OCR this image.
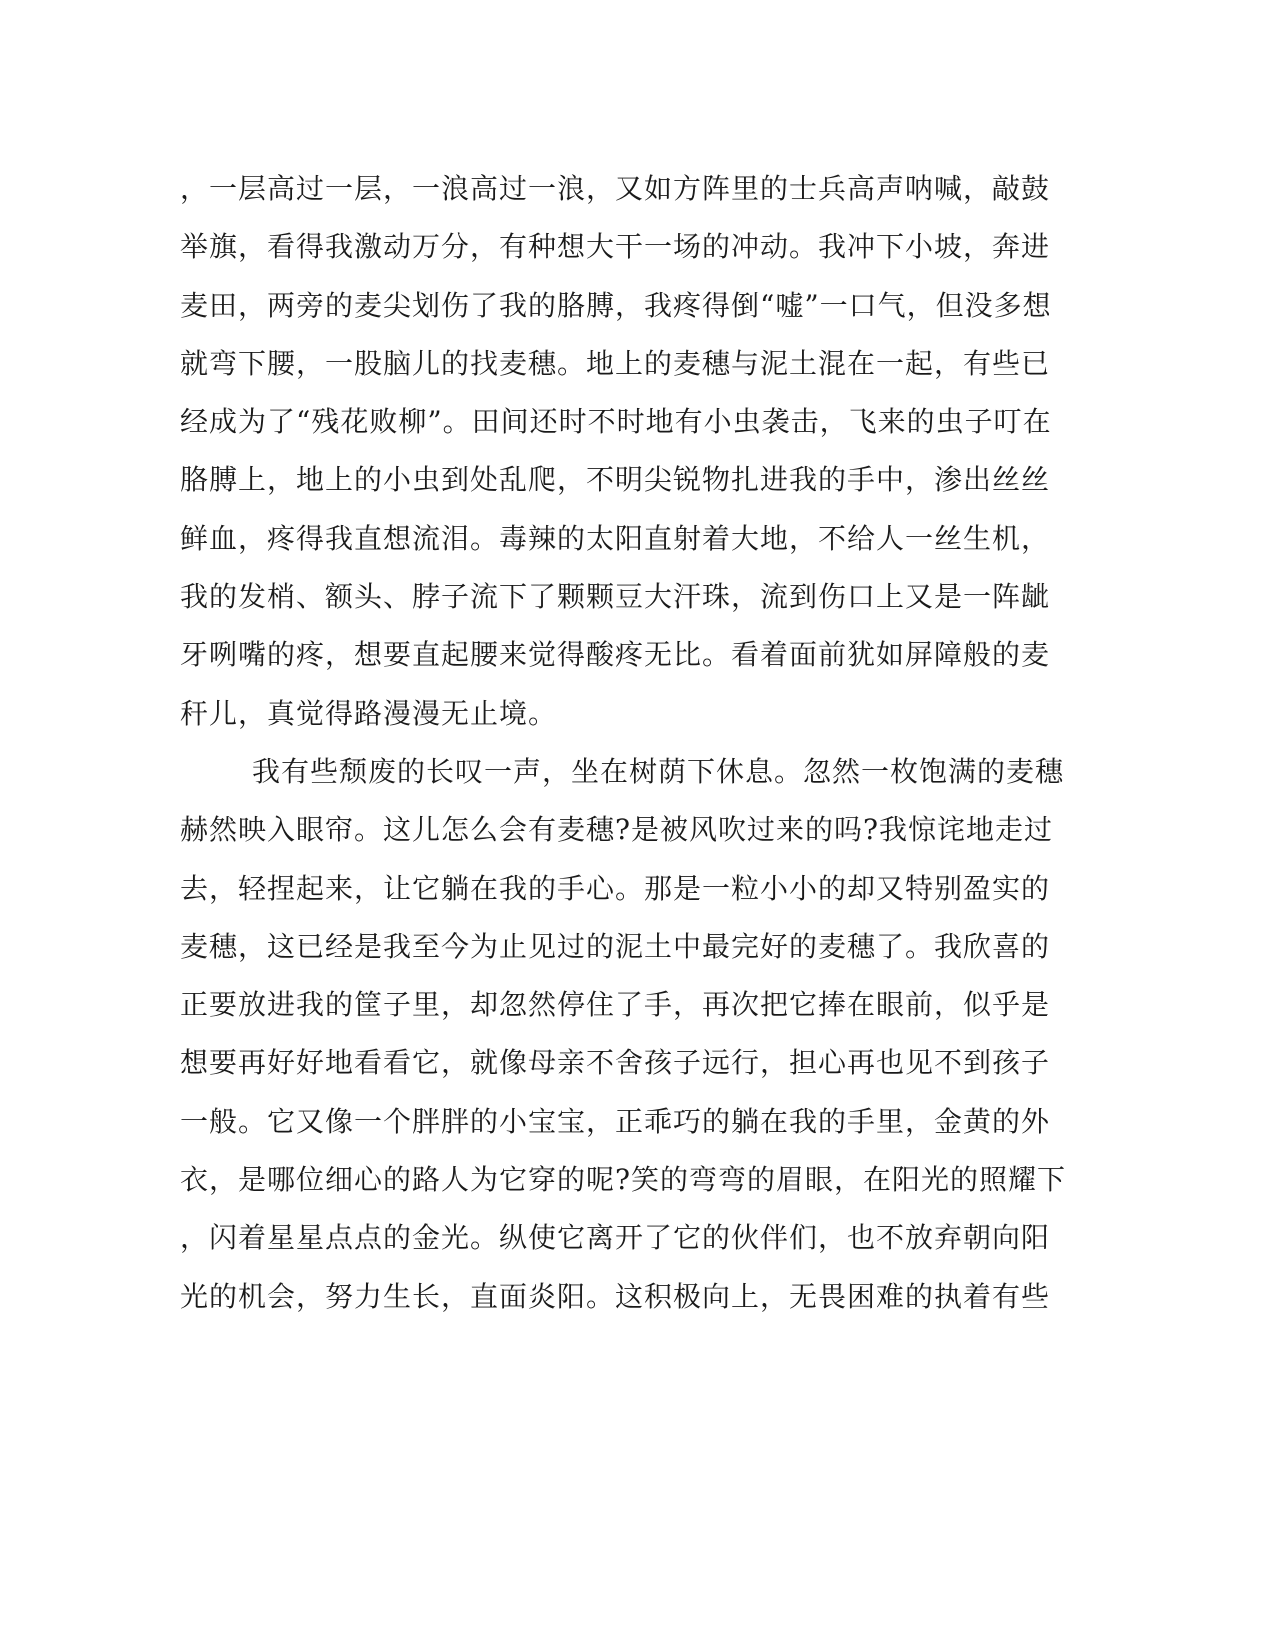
，一层高过一层，一浪高过一浪，又如方阵里的士兵高声呐喊，敲鼓
举旗，看得我激动万分，有种想大干一场的冲动。我冲下小坡，奔进
麦田，两旁的麦尖划伤了我的胳膊，我疼得倒“嘘”一口气，但没多想
就弯下腰，一股脑儿的找麦穗。地上的麦穗与泥土混在一起，有些已
经成为了“残花败柳”。田间还时不时地有小虫袭击，飞来的虫子叮在
胳膊上，地上的小虫到处乱爬，不明尖锐物扎进我的手中，渗出丝丝
鲜血，疼得我直想流泪。毒辣的太阳直射着大地，不给人一丝生机，
我的发梢、额头、脖子流下了颗颗豆大汗珠，流到伤口上又是一阵龇
牙咧嘴的疼，想要直起腰来觉得酸疼无比。看着面前犹如屏障般的麦
秆儿，真觉得路漫漫无止境。
我有些颓废的长叹一声，坐在树荫下休息。忽然一枚饱满的麦穗
赫然映入眼帘。这儿怎么会有麦穗?是被风吹过来的吗?我惊诧地走过
去，轻捏起来，让它躺在我的手心。那是一粒小小的却又特别盈实的
麦穗，这已经是我至今为止见过的泥土中最完好的麦穗了。我欣喜的
正要放进我的筐子里，却忽然停住了手，再次把它捧在眼前，似乎是
想要再好好地看看它，就像母亲不舍孩子远行，担心再也见不到孩子
一般。它又像一个胖胖的小宝宝，正乖巧的躺在我的手里，金黄的外
衣，是哪位细心的路人为它穿的呢?笑的弯弯的眉眼，在阳光的照耀下
，闪着星星点点的金光。纵使它离开了它的伙伴们，也不放弃朝向阳
光的机会，努力生长，直面炎阳。这积极向上，无畏困难的执着有些
